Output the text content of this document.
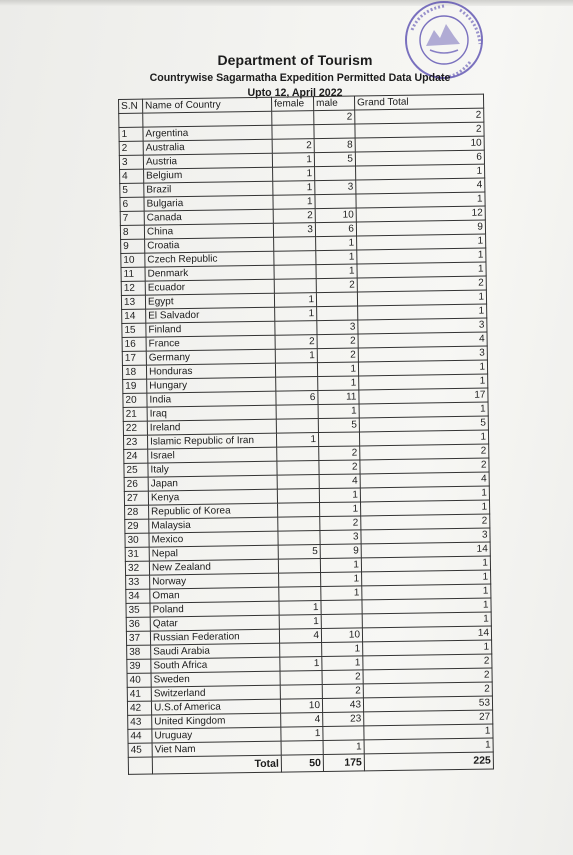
Department of Tourism
Countrywise Sagarmatha Expedition Permitted Data Update
Upto 12, April 2022
S.N	Name of Country	female	male	Grand Total
			2	2
1	Argentina			2
2	Australia	2	8	10
3	Austria	1	5	6
4	Belgium	1		1
5	Brazil	1	3	4
6	Bulgaria	1		1
7	Canada	2	10	12
8	China	3	6	9
9	Croatia		1	1
10	Czech Republic		1	1
11	Denmark		1	1
12	Ecuador		2	2
13	Egypt	1		1
14	El Salvador	1		1
15	Finland		3	3
16	France	2	2	4
17	Germany	1	2	3
18	Honduras		1	1
19	Hungary		1	1
20	India	6	11	17
21	Iraq		1	1
22	Ireland		5	5
23	Islamic Republic of Iran	1		1
24	Israel		2	2
25	Italy		2	2
26	Japan		4	4
27	Kenya		1	1
28	Republic of Korea		1	1
29	Malaysia		2	2
30	Mexico		3	3
31	Nepal	5	9	14
32	New Zealand		1	1
33	Norway		1	1
34	Oman		1	1
35	Poland	1		1
36	Qatar	1		1
37	Russian Federation	4	10	14
38	Saudi Arabia		1	1
39	South Africa	1	1	2
40	Sweden		2	2
41	Switzerland		2	2
42	U.S.of America	10	43	53
43	United Kingdom	4	23	27
44	Uruguay	1		1
45	Viet Nam		1	1
	Total	50	175	225
